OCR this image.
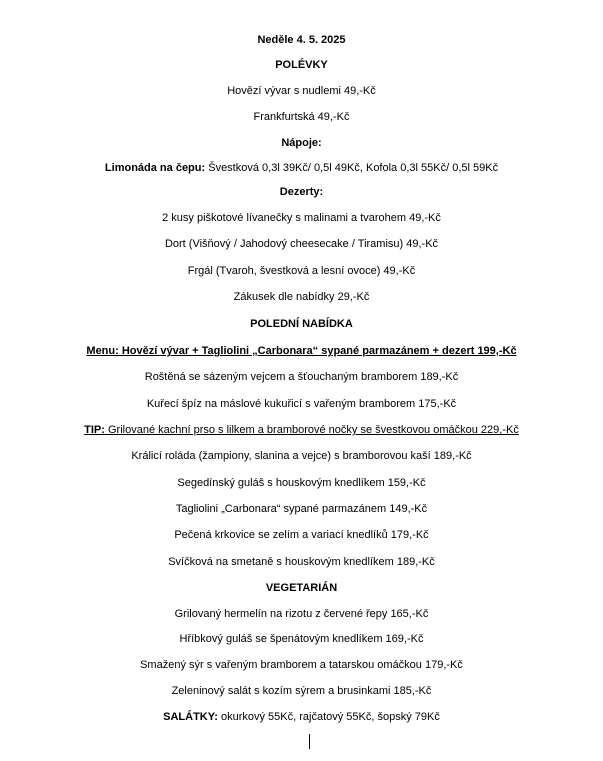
Neděle 4. 5. 2025
POLÉVKY
Hovězí vývar s nudlemi 49,-Kč
Frankfurtská 49,-Kč
Nápoje:
Limonáda na čepu: Švestková 0,3l 39Kč/ 0,5l 49Kč, Kofola 0,3l 55Kč/ 0,5l 59Kč
Dezerty:
2 kusy piškotové lívanečky s malinami a tvarohem 49,-Kč
Dort (Višňový / Jahodový cheesecake / Tiramisu) 49,-Kč
Frgál (Tvaroh, švestková a lesní ovoce) 49,-Kč
Zákusek dle nabídky 29,-Kč
POLEDNÍ NABÍDKA
Menu: Hovězí vývar + Tagliolini „Carbonara“ sypané parmazánem + dezert 199,-Kč
Roštěná se sázeným vejcem a šťouchaným bramborem 189,-Kč
Kuřecí špíz na máslové kukuřicí s vařeným bramborem 175,-Kč
TIP: Grilované kachní prso s lilkem a bramborové nočky se švestkovou omáčkou 229,-Kč
Králicí roláda (žampiony, slanina a vejce) s bramborovou kaší 189,-Kč
Segedínský guláš s houskovým knedlíkem 159,-Kč
Tagliolini „Carbonara“ sypané parmazánem 149,-Kč
Pečená krkovice se zelím a variací knedlíků 179,-Kč
Svíčková na smetaně s houskovým knedlíkem 189,-Kč
VEGETARIÁN
Grilovaný hermelín na rizotu z červené řepy 165,-Kč
Hříbkový guláš se špenátovým knedlíkem 169,-Kč
Smažený sýr s vařeným bramborem a tatarskou omáčkou 179,-Kč
Zeleninový salát s kozím sýrem a brusinkami 185,-Kč
SALÁTKY: okurkový 55Kč, rajčatový 55Kč, šopský 79Kč
